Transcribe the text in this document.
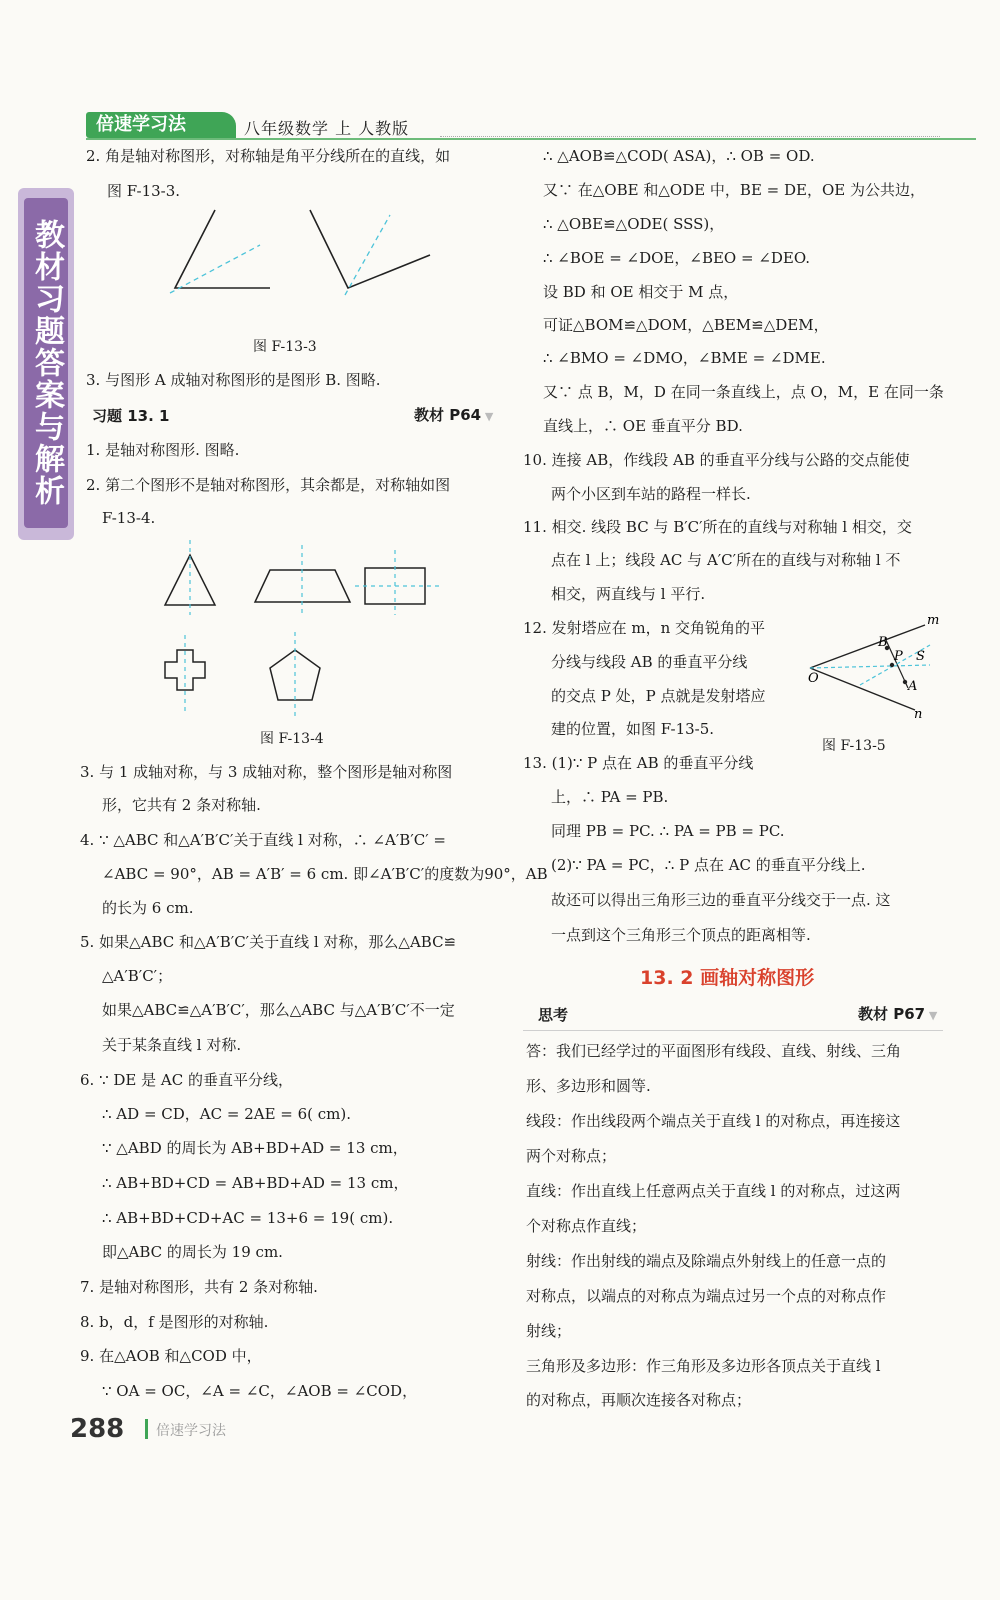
倍速学习法	八年级数学 上 人教版
教材习题答案与解析
2. 角是轴对称图形，对称轴是角平分线所在的直线，如
图 F-13-3.
图 F-13-3
3. 与图形 A 成轴对称图形的是图形 B. 图略.
习题 13. 1	教材 P64 ▼
1. 是轴对称图形. 图略.
2. 第二个图形不是轴对称图形，其余都是，对称轴如图
F-13-4.
图 F-13-4
3. 与 1 成轴对称，与 3 成轴对称，整个图形是轴对称图
形，它共有 2 条对称轴.
4. ∵ △ABC 和△A′B′C′关于直线 l 对称，∴ ∠A′B′C′ =
∠ABC = 90°，AB = A′B′ = 6 cm. 即∠A′B′C′的度数为90°，AB
的长为 6 cm.
5. 如果△ABC 和△A′B′C′关于直线 l 对称，那么△ABC≌
△A′B′C′；
如果△ABC≌△A′B′C′，那么△ABC 与△A′B′C′不一定
关于某条直线 l 对称.
6. ∵ DE 是 AC 的垂直平分线，
∴ AD = CD，AC = 2AE = 6( cm).
∵ △ABD 的周长为 AB+BD+AD = 13 cm，
∴ AB+BD+CD = AB+BD+AD = 13 cm，
∴ AB+BD+CD+AC = 13+6 = 19( cm).
即△ABC 的周长为 19 cm.
7. 是轴对称图形，共有 2 条对称轴.
8. b，d，f 是图形的对称轴.
9. 在△AOB 和△COD 中，
∵ OA = OC，∠A = ∠C，∠AOB = ∠COD，
∴ △AOB≌△COD( ASA)，∴ OB = OD.
又∵ 在△OBE 和△ODE 中，BE = DE，OE 为公共边，
∴ △OBE≌△ODE( SSS)，
∴ ∠BOE = ∠DOE，∠BEO = ∠DEO.
设 BD 和 OE 相交于 M 点，
可证△BOM≌△DOM，△BEM≌△DEM，
∴ ∠BMO = ∠DMO，∠BME = ∠DME.
又∵ 点 B，M，D 在同一条直线上，点 O，M，E 在同一条
直线上，∴ OE 垂直平分 BD.
10. 连接 AB，作线段 AB 的垂直平分线与公路的交点能使
两个小区到车站的路程一样长.
11. 相交. 线段 BC 与 B′C′所在的直线与对称轴 l 相交，交
点在 l 上；线段 AC 与 A′C′所在的直线与对称轴 l 不
相交，两直线与 l 平行.
12. 发射塔应在 m，n 交角锐角的平
分线与线段 AB 的垂直平分线
的交点 P 处，P 点就是发射塔应
建的位置，如图 F-13-5.
m
n
O
B
P S
A
图 F-13-5
13. (1)∵ P 点在 AB 的垂直平分线
上，∴ PA = PB.
同理 PB = PC. ∴ PA = PB = PC.
(2)∵ PA = PC，∴ P 点在 AC 的垂直平分线上.
故还可以得出三角形三边的垂直平分线交于一点. 这
一点到这个三角形三个顶点的距离相等.
13. 2 画轴对称图形
思考	教材 P67 ▼
答：我们已经学过的平面图形有线段、直线、射线、三角
形、多边形和圆等.
线段：作出线段两个端点关于直线 l 的对称点，再连接这
两个对称点；
直线：作出直线上任意两点关于直线 l 的对称点，过这两
个对称点作直线；
射线：作出射线的端点及除端点外射线上的任意一点的
对称点，以端点的对称点为端点过另一个点的对称点作
射线；
三角形及多边形：作三角形及多边形各顶点关于直线 l
的对称点，再顺次连接各对称点；
288 倍速学习法
